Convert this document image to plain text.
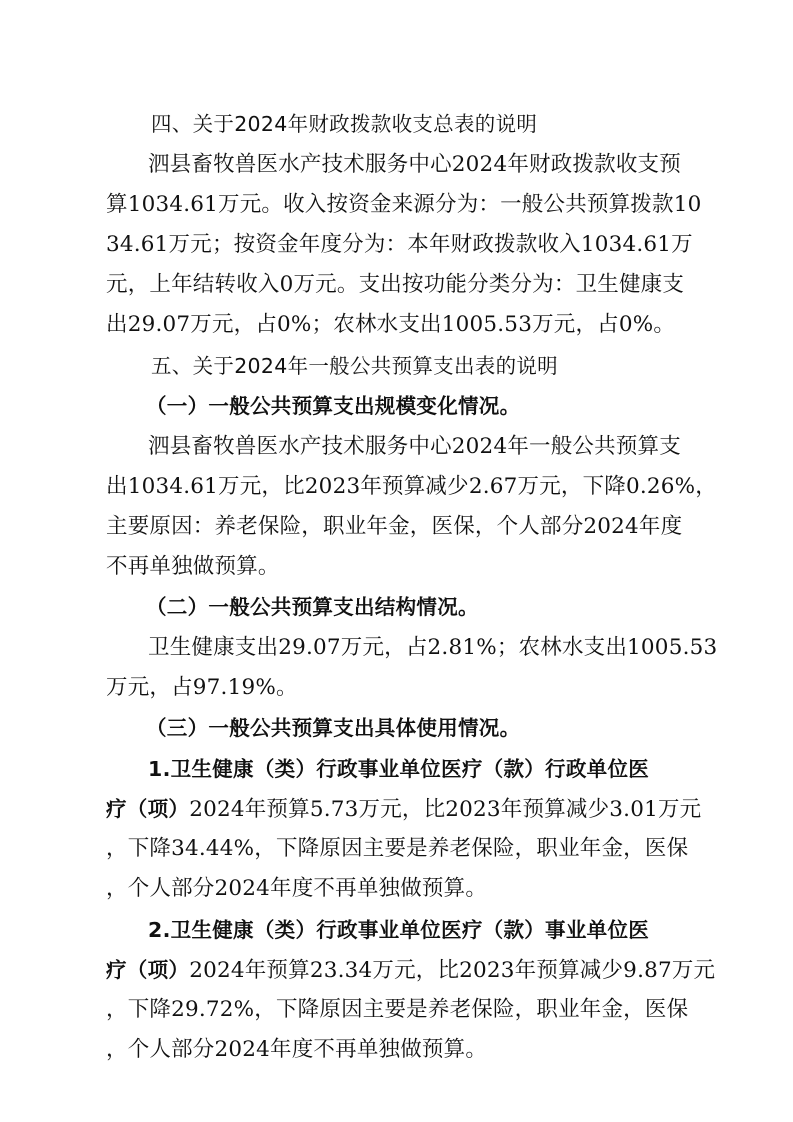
四、关于2024年财政拨款收支总表的说明
泗县畜牧兽医水产技术服务中心2024年财政拨款收支预
算1034.61万元。收入按资金来源分为：一般公共预算拨款10
34.61万元；按资金年度分为：本年财政拨款收入1034.61万
元，上年结转收入0万元。支出按功能分类分为：卫生健康支
出29.07万元，占0%；农林水支出1005.53万元，占0%。
五、关于2024年一般公共预算支出表的说明
（一）一般公共预算支出规模变化情况。
泗县畜牧兽医水产技术服务中心2024年一般公共预算支
出1034.61万元，比2023年预算减少2.67万元，下降0.26%，
主要原因：养老保险，职业年金，医保，个人部分2024年度
不再单独做预算。
（二）一般公共预算支出结构情况。
卫生健康支出29.07万元，占2.81%；农林水支出1005.53
万元，占97.19%。
（三）一般公共预算支出具体使用情况。
1.卫生健康（类）行政事业单位医疗（款）行政单位医
疗（项）2024年预算5.73万元，比2023年预算减少3.01万元
，下降34.44%，下降原因主要是养老保险，职业年金，医保
，个人部分2024年度不再单独做预算。
2.卫生健康（类）行政事业单位医疗（款）事业单位医
疗（项）2024年预算23.34万元，比2023年预算减少9.87万元
，下降29.72%，下降原因主要是养老保险，职业年金，医保
，个人部分2024年度不再单独做预算。
